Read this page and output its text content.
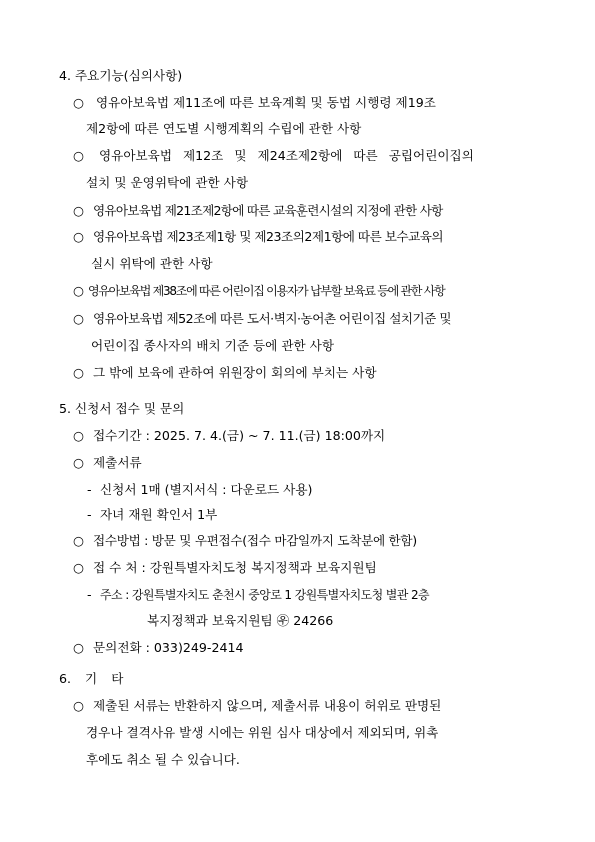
4. 주요기능(심의사항)
○ 영유아보육법 제11조에 따른 보육계획 및 동법 시행령 제19조
제2항에 따른 연도별 시행계획의 수립에 관한 사항
○ 영유아보육법 제12조 및 제24조제2항에 따른 공립어린이집의
설치 및 운영위탁에 관한 사항
○ 영유아보육법 제21조제2항에 따른 교육훈련시설의 지정에 관한 사항
○ 영유아보육법 제23조제1항 및 제23조의2제1항에 따른 보수교육의
실시 위탁에 관한 사항
○ 영유아보육법 제38조에 따른 어린이집 이용자가 납부할 보육료 등에 관한 사항
○ 영유아보육법 제52조에 따른 도서·벽지·농어촌 어린이집 설치기준 및
어린이집 종사자의 배치 기준 등에 관한 사항
○ 그 밖에 보육에 관하여 위원장이 회의에 부치는 사항
5. 신청서 접수 및 문의
○ 접수기간 : 2025. 7. 4.(금) ~ 7. 11.(금) 18:00까지
○ 제출서류
- 신청서 1매 (별지서식 : 다운로드 사용)
- 자녀 재원 확인서 1부
○ 접수방법 : 방문 및 우편접수(접수 마감일까지 도착분에 한함)
○ 접 수 처 : 강원특별자치도청 복지정책과 보육지원팀
- 주소 : 강원특별자치도 춘천시 중앙로 1 강원특별자치도청 별관 2층
복지정책과 보육지원팀 ㉾ 24266
○ 문의전화 : 033)249-2414
6. 기 타
○ 제출된 서류는 반환하지 않으며, 제출서류 내용이 허위로 판명된
경우나 결격사유 발생 시에는 위원 심사 대상에서 제외되며, 위촉
후에도 취소 될 수 있습니다.
